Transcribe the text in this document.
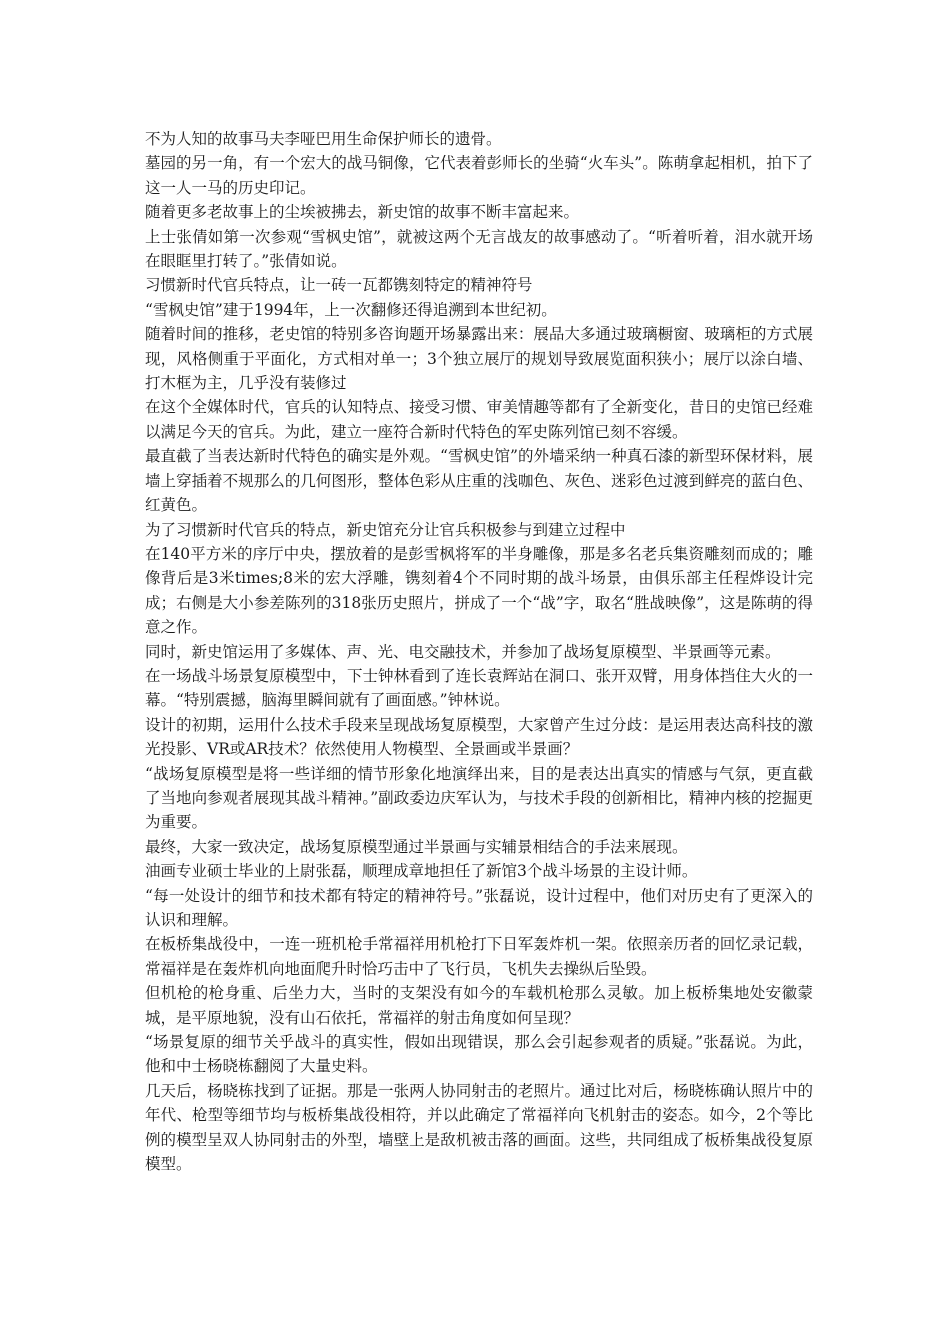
不为人知的故事马夫李哑巴用生命保护师长的遗骨。

墓园的另一角，有一个宏大的战马铜像，它代表着彭师长的坐骑“火车头”。陈萌拿起相机，拍下了这一人一马的历史印记。

随着更多老故事上的尘埃被拂去，新史馆的故事不断丰富起来。

上士张倩如第一次参观“雪枫史馆”，就被这两个无言战友的故事感动了。“听着听着，泪水就开场在眼眶里打转了。”张倩如说。

习惯新时代官兵特点，让一砖一瓦都镌刻特定的精神符号

“雪枫史馆”建于1994年，上一次翻修还得追溯到本世纪初。

随着时间的推移，老史馆的特别多咨询题开场暴露出来：展品大多通过玻璃橱窗、玻璃柜的方式展现，风格侧重于平面化，方式相对单一；3个独立展厅的规划导致展览面积狭小；展厅以涂白墙、打木框为主，几乎没有装修过

在这个全媒体时代，官兵的认知特点、接受习惯、审美情趣等都有了全新变化，昔日的史馆已经难以满足今天的官兵。为此，建立一座符合新时代特色的军史陈列馆已刻不容缓。

最直截了当表达新时代特色的确实是外观。“雪枫史馆”的外墙采纳一种真石漆的新型环保材料，展墙上穿插着不规那么的几何图形，整体色彩从庄重的浅咖色、灰色、迷彩色过渡到鲜亮的蓝白色、红黄色。

为了习惯新时代官兵的特点，新史馆充分让官兵积极参与到建立过程中

在140平方米的序厅中央，摆放着的是彭雪枫将军的半身雕像，那是多名老兵集资雕刻而成的；雕像背后是3米times;8米的宏大浮雕，镌刻着4个不同时期的战斗场景，由俱乐部主任程烨设计完成；右侧是大小参差陈列的318张历史照片，拼成了一个“战”字，取名“胜战映像”，这是陈萌的得意之作。

同时，新史馆运用了多媒体、声、光、电交融技术，并参加了战场复原模型、半景画等元素。

在一场战斗场景复原模型中，下士钟林看到了连长袁辉站在洞口、张开双臂，用身体挡住大火的一幕。“特别震撼，脑海里瞬间就有了画面感。”钟林说。

设计的初期，运用什么技术手段来呈现战场复原模型，大家曾产生过分歧：是运用表达高科技的激光投影、VR或AR技术？依然使用人物模型、全景画或半景画？

“战场复原模型是将一些详细的情节形象化地演绎出来，目的是表达出真实的情感与气氛，更直截了当地向参观者展现其战斗精神。”副政委边庆军认为，与技术手段的创新相比，精神内核的挖掘更为重要。

最终，大家一致决定，战场复原模型通过半景画与实辅景相结合的手法来展现。

油画专业硕士毕业的上尉张磊，顺理成章地担任了新馆3个战斗场景的主设计师。

“每一处设计的细节和技术都有特定的精神符号。”张磊说，设计过程中，他们对历史有了更深入的认识和理解。

在板桥集战役中，一连一班机枪手常福祥用机枪打下日军轰炸机一架。依照亲历者的回忆录记载，常福祥是在轰炸机向地面爬升时恰巧击中了飞行员，飞机失去操纵后坠毁。

但机枪的枪身重、后坐力大，当时的支架没有如今的车载机枪那么灵敏。加上板桥集地处安徽蒙城，是平原地貌，没有山石依托，常福祥的射击角度如何呈现？

“场景复原的细节关乎战斗的真实性，假如出现错误，那么会引起参观者的质疑。”张磊说。为此，他和中士杨晓栋翻阅了大量史料。

几天后，杨晓栋找到了证据。那是一张两人协同射击的老照片。通过比对后，杨晓栋确认照片中的年代、枪型等细节均与板桥集战役相符，并以此确定了常福祥向飞机射击的姿态。如今，2个等比例的模型呈双人协同射击的外型，墙壁上是敌机被击落的画面。这些，共同组成了板桥集战役复原模型。
